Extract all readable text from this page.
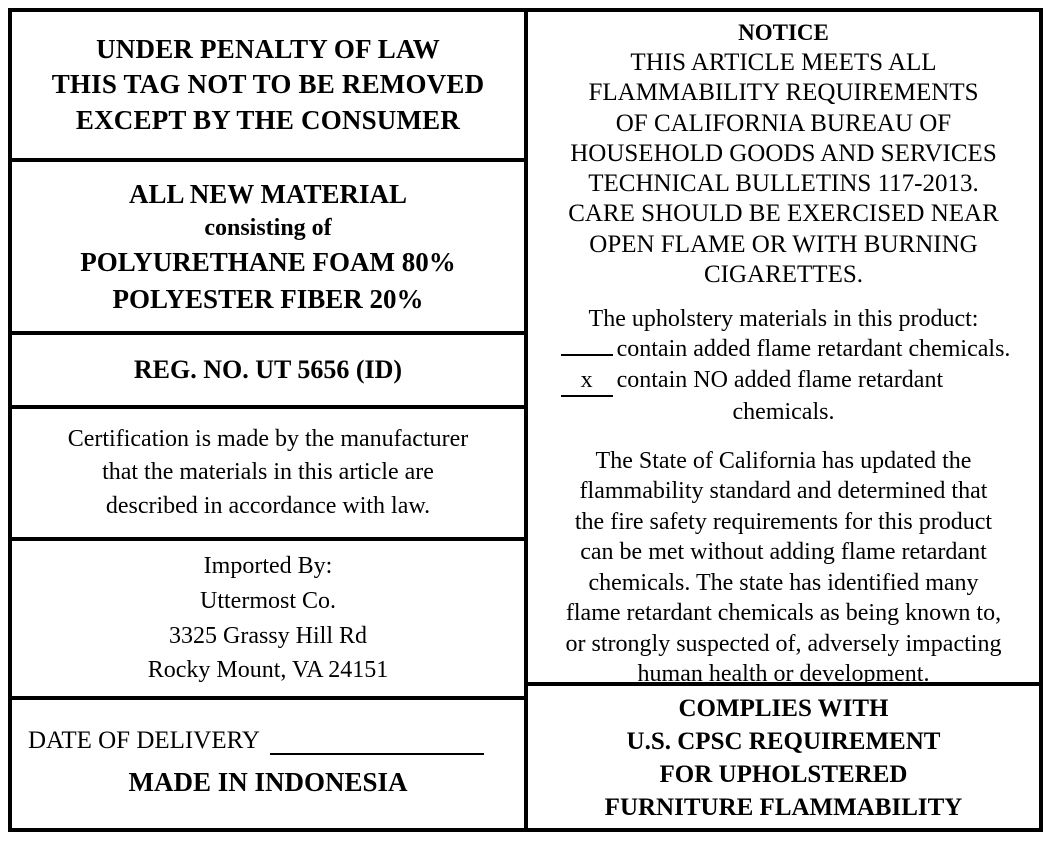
UNDER PENALTY OF LAW
THIS TAG NOT TO BE REMOVED
EXCEPT BY THE CONSUMER
ALL NEW MATERIAL
consisting of
POLYURETHANE FOAM 80%
POLYESTER FIBER 20%
REG. NO. UT 5656 (ID)
Certification is made by the manufacturer
that the materials in this article are
described in accordance with law.
Imported By:
Uttermost Co.
3325 Grassy Hill Rd
Rocky Mount, VA 24151
DATE OF DELIVERY
MADE IN INDONESIA
NOTICE
THIS ARTICLE MEETS ALL
FLAMMABILITY REQUIREMENTS
OF CALIFORNIA BUREAU OF
HOUSEHOLD GOODS AND SERVICES
TECHNICAL BULLETINS 117-2013.
CARE SHOULD BE EXERCISED NEAR
OPEN FLAME OR WITH BURNING
CIGARETTES.
The upholstery materials in this product:
contain added flame retardant chemicals.
x contain NO added flame retardant
chemicals.
The State of California has updated the
flammability standard and determined that
the fire safety requirements for this product
can be met without adding flame retardant
chemicals. The state has identified many
flame retardant chemicals as being known to,
or strongly suspected of, adversely impacting
human health or development.
COMPLIES WITH
U.S. CPSC REQUIREMENT
FOR UPHOLSTERED
FURNITURE FLAMMABILITY
